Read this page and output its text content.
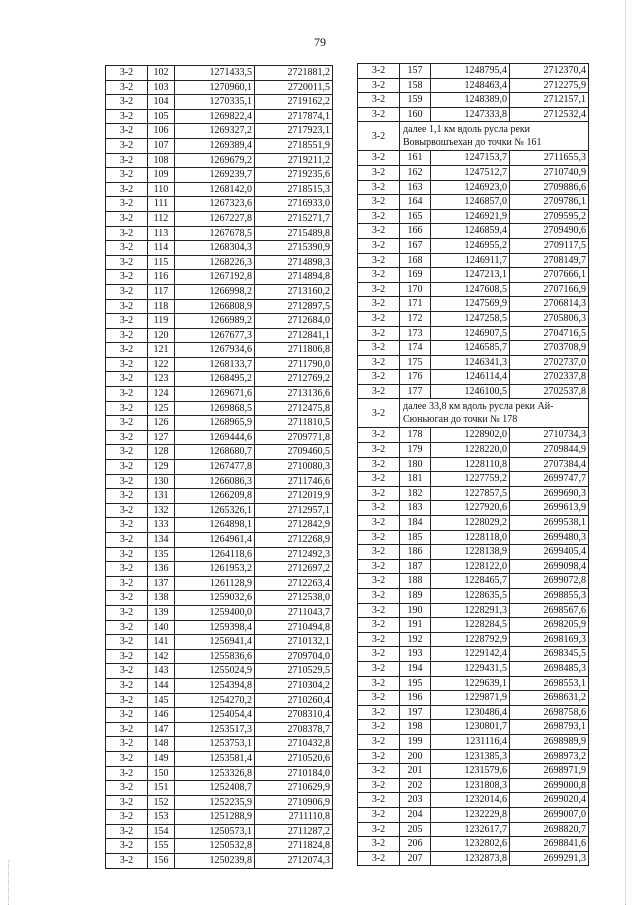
79
3-2	102	1271433,5	2721881,2
3-2	103	1270960,1	2720011,5
3-2	104	1270335,1	2719162,2
3-2	105	1269822,4	2717874,1
3-2	106	1269327,2	2717923,1
3-2	107	1269389,4	2718551,9
3-2	108	1269679,2	2719211,2
3-2	109	1269239,7	2719235,6
3-2	110	1268142,0	2718515,3
3-2	111	1267323,6	2716933,0
3-2	112	1267227,8	2715271,7
3-2	113	1267678,5	2715489,8
3-2	114	1268304,3	2715390,9
3-2	115	1268226,3	2714898,3
3-2	116	1267192,8	2714894,8
3-2	117	1266998,2	2713160,2
3-2	118	1266808,9	2712897,5
3-2	119	1266989,2	2712684,0
3-2	120	1267677,3	2712841,1
3-2	121	1267934,6	2711806,8
3-2	122	1268133,7	2711790,0
3-2	123	1268495,2	2712769,2
3-2	124	1269671,6	2713136,6
3-2	125	1269868,5	2712475,8
3-2	126	1268965,9	2711810,5
3-2	127	1269444,6	2709771,8
3-2	128	1268680,7	2709460,5
3-2	129	1267477,8	2710080,3
3-2	130	1266086,3	2711746,6
3-2	131	1266209,8	2712019,9
3-2	132	1265326,1	2712957,1
3-2	133	1264898,1	2712842,9
3-2	134	1264961,4	2712268,9
3-2	135	1264118,6	2712492,3
3-2	136	1261953,2	2712697,2
3-2	137	1261128,9	2712263,4
3-2	138	1259032,6	2712538,0
3-2	139	1259400,0	2711043,7
3-2	140	1259398,4	2710494,8
3-2	141	1256941,4	2710132,1
3-2	142	1255836,6	2709704,0
3-2	143	1255024,9	2710529,5
3-2	144	1254394,8	2710304,2
3-2	145	1254270,2	2710260,4
3-2	146	1254054,4	2708310,4
3-2	147	1253517,3	2708378,7
3-2	148	1253753,1	2710432,8
3-2	149	1253581,4	2710520,6
3-2	150	1253326,8	2710184,0
3-2	151	1252408,7	2710629,9
3-2	152	1252235,9	2710906,9
3-2	153	1251288,9	2711110,8
3-2	154	1250573,1	2711287,2
3-2	155	1250532,8	2711824,8
3-2	156	1250239,8	2712074,3
3-2	157	1248795,4	2712370,4
3-2	158	1248463,4	2712275,9
3-2	159	1248389,0	2712157,1
3-2	160	1247333,8	2712532,4
3-2	далее 1,1 км вдоль русла реки Вовырвошъехан до точки № 161		
3-2	161	1247153,7	2711655,3
3-2	162	1247512,7	2710740,9
3-2	163	1246923,0	2709886,6
3-2	164	1246857,0	2709786,1
3-2	165	1246921,9	2709595,2
3-2	166	1246859,4	2709490,6
3-2	167	1246955,2	2709117,5
3-2	168	1246911,7	2708149,7
3-2	169	1247213,1	2707666,1
3-2	170	1247608,5	2707166,9
3-2	171	1247569,9	2706814,3
3-2	172	1247258,5	2705806,3
3-2	173	1246907,5	2704716,5
3-2	174	1246585,7	2703708,9
3-2	175	1246341,3	2702737,0
3-2	176	1246114,4	2702337,8
3-2	177	1246100,5	2702537,8
3-2	далее 33,8 км вдоль русла реки Ай-Сюньюган до точки № 178		
3-2	178	1228902,0	2710734,3
3-2	179	1228220,0	2709844,9
3-2	180	1228110,8	2707384,4
3-2	181	1227759,2	2699747,7
3-2	182	1227857,5	2699690,3
3-2	183	1227920,6	2699613,9
3-2	184	1228029,2	2699538,1
3-2	185	1228118,0	2699480,3
3-2	186	1228138,9	2699405,4
3-2	187	1228122,0	2699098,4
3-2	188	1228465,7	2699072,8
3-2	189	1228635,5	2698855,3
3-2	190	1228291,3	2698567,6
3-2	191	1228284,5	2698205,9
3-2	192	1228792,9	2698169,3
3-2	193	1229142,4	2698345,5
3-2	194	1229431,5	2698485,3
3-2	195	1229639,1	2698553,1
3-2	196	1229871,9	2698631,2
3-2	197	1230486,4	2698758,6
3-2	198	1230801,7	2698793,1
3-2	199	1231116,4	2698989,9
3-2	200	1231385,3	2698973,2
3-2	201	1231579,6	2698971,9
3-2	202	1231808,3	2699000,8
3-2	203	1232014,6	2699020,4
3-2	204	1232229,8	2699007,0
3-2	205	1232617,7	2698820,7
3-2	206	1232802,6	2698841,6
3-2	207	1232873,8	2699291,3
